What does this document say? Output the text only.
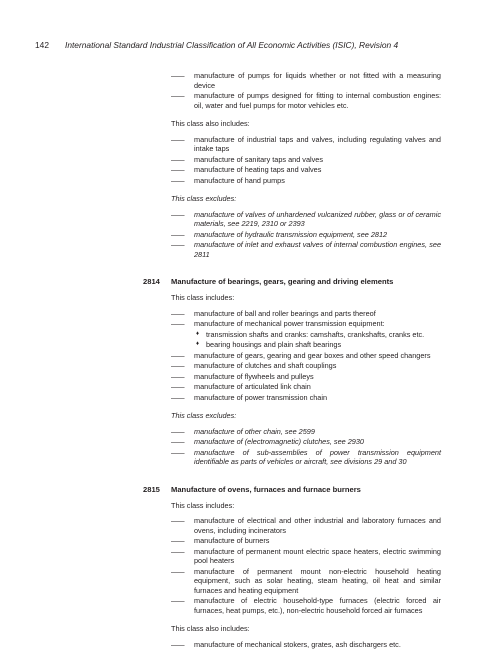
142 International Standard Industrial Classification of All Economic Activities (ISIC), Revision 4
—— manufacture of pumps for liquids whether or not fitted with a measuring device
—— manufacture of pumps designed for fitting to internal combustion engines: oil, water and fuel pumps for motor vehicles etc.
This class also includes:
—— manufacture of industrial taps and valves, including regulating valves and intake taps
—— manufacture of sanitary taps and valves
—— manufacture of heating taps and valves
—— manufacture of hand pumps
This class excludes:
—— manufacture of valves of unhardened vulcanized rubber, glass or of ceramic materials, see 2219, 2310 or 2393
—— manufacture of hydraulic transmission equipment, see 2812
—— manufacture of inlet and exhaust valves of internal combustion engines, see 2811
2814 Manufacture of bearings, gears, gearing and driving elements
This class includes:
—— manufacture of ball and roller bearings and parts thereof
—— manufacture of mechanical power transmission equipment:
♦ transmission shafts and cranks: camshafts, crankshafts, cranks etc.
♦ bearing housings and plain shaft bearings
—— manufacture of gears, gearing and gear boxes and other speed changers
—— manufacture of clutches and shaft couplings
—— manufacture of flywheels and pulleys
—— manufacture of articulated link chain
—— manufacture of power transmission chain
This class excludes:
—— manufacture of other chain, see 2599
—— manufacture of (electromagnetic) clutches, see 2930
—— manufacture of sub-assemblies of power transmission equipment identifiable as parts of vehicles or aircraft, see divisions 29 and 30
2815 Manufacture of ovens, furnaces and furnace burners
This class includes:
—— manufacture of electrical and other industrial and laboratory furnaces and ovens, including incinerators
—— manufacture of burners
—— manufacture of permanent mount electric space heaters, electric swimming pool heaters
—— manufacture of permanent mount non-electric household heating equipment, such as solar heating, steam heating, oil heat and similar furnaces and heating equipment
—— manufacture of electric household-type furnaces (electric forced air furnaces, heat pumps, etc.), non-electric household forced air furnaces
This class also includes:
—— manufacture of mechanical stokers, grates, ash dischargers etc.
